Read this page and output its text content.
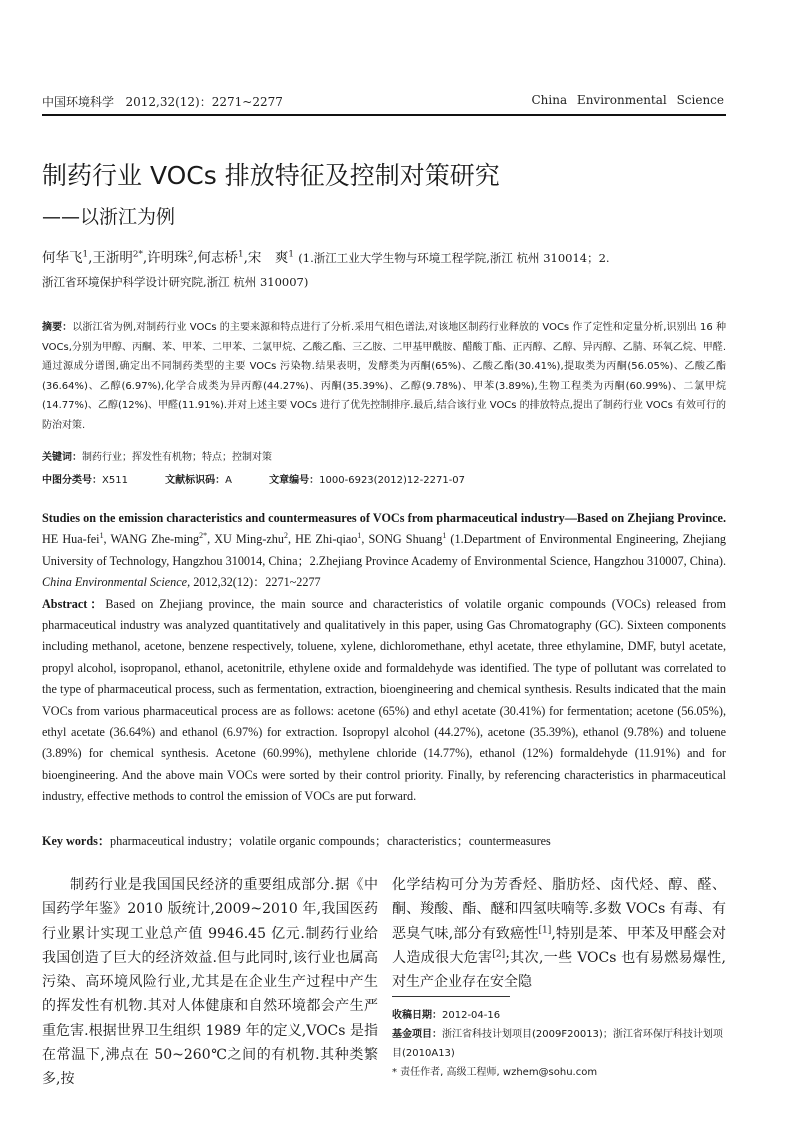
中国环境科学 2012,32(12)：2271~2277	China Environmental Science
制药行业 VOCs 排放特征及控制对策研究
——以浙江为例
何华飞$^1$,王浙明$^{2*}$,许明珠$^2$,何志桥$^1$,宋　爽$^1$ (1.浙江工业大学生物与环境工程学院,浙江 杭州 310014；2.
浙江省环境保护科学设计研究院,浙江 杭州 310007)
摘要：以浙江省为例,对制药行业 VOCs 的主要来源和特点进行了分析.采用气相色谱法,对该地区制药行业释放的 VOCs 作了定性和定量分析,识别出 16 种 VOCs,分别为甲醇、丙酮、苯、甲苯、二甲苯、二氯甲烷、乙酸乙酯、三乙胺、二甲基甲酰胺、醋酸丁酯、正丙醇、乙醇、异丙醇、乙腈、环氧乙烷、甲醛.通过源成分谱图,确定出不同制药类型的主要 VOCs 污染物.结果表明，发酵类为丙酮(65%)、乙酸乙酯(30.41%),提取类为丙酮(56.05%)、乙酸乙酯(36.64%)、乙醇(6.97%),化学合成类为异丙醇(44.27%)、丙酮(35.39%)、乙醇(9.78%)、甲苯(3.89%),生物工程类为丙酮(60.99%)、二氯甲烷(14.77%)、乙醇(12%)、甲醛(11.91%).并对上述主要 VOCs 进行了优先控制排序.最后,结合该行业 VOCs 的排放特点,提出了制药行业 VOCs 有效可行的防治对策.
关键词：制药行业；挥发性有机物；特点；控制对策
中图分类号：X511	文献标识码：A	文章编号：1000-6923(2012)12-2271-07
Studies on the emission characteristics and countermeasures of VOCs from pharmaceutical industry—Based on Zhejiang Province. HE Hua-fei$^1$, WANG Zhe-ming$^{2*}$, XU Ming-zhu$^2$, HE Zhi-qiao$^1$, SONG Shuang$^1$ (1.Department of Environmental Engineering, Zhejiang University of Technology, Hangzhou 310014, China；2.Zhejiang Province Academy of Environmental Science, Hangzhou 310007, China). China Environmental Science, 2012,32(12)：2271~2277
Abstract：Based on Zhejiang province, the main source and characteristics of volatile organic compounds (VOCs) released from pharmaceutical industry was analyzed quantitatively and qualitatively in this paper, using Gas Chromatography (GC). Sixteen components including methanol, acetone, benzene respectively, toluene, xylene, dichloromethane, ethyl acetate, three ethylamine, DMF, butyl acetate, propyl alcohol, isopropanol, ethanol, acetonitrile, ethylene oxide and formaldehyde was identified. The type of pollutant was correlated to the type of pharmaceutical process, such as fermentation, extraction, bioengineering and chemical synthesis. Results indicated that the main VOCs from various pharmaceutical process are as follows: acetone (65%) and ethyl acetate (30.41%) for fermentation; acetone (56.05%), ethyl acetate (36.64%) and ethanol (6.97%) for extraction. Isopropyl alcohol (44.27%), acetone (35.39%), ethanol (9.78%) and toluene (3.89%) for chemical synthesis. Acetone (60.99%), methylene chloride (14.77%), ethanol (12%) formaldehyde (11.91%) and for bioengineering. And the above main VOCs were sorted by their control priority. Finally, by referencing characteristics in pharmaceutical industry, effective methods to control the emission of VOCs are put forward.
Key words：pharmaceutical industry；volatile organic compounds；characteristics；countermeasures

制药行业是我国国民经济的重要组成部分.据《中国药学年鉴》2010 版统计,2009~2010 年,我国医药行业累计实现工业总产值 9946.45 亿元.制药行业给我国创造了巨大的经济效益.但与此同时,该行业也属高污染、高环境风险行业,尤其是在企业生产过程中产生的挥发性有机物.其对人体健康和自然环境都会产生严重危害.根据世界卫生组织 1989 年的定义,VOCs 是指在常温下,沸点在 50~260℃之间的有机物.其种类繁多,按

化学结构可分为芳香烃、脂肪烃、卤代烃、醇、醛、酮、羧酸、酯、醚和四氢呋喃等.多数 VOCs 有毒、有恶臭气味,部分有致癌性[1],特别是苯、甲苯及甲醛会对人造成很大危害[2];其次,一些 VOCs 也有易燃易爆性,对生产企业存在安全隐

收稿日期：2012-04-16
基金项目：浙江省科技计划项目(2009F20013)；浙江省环保厅科技计划项目(2010A13)
* 责任作者, 高级工程师, wzhem@sohu.com
